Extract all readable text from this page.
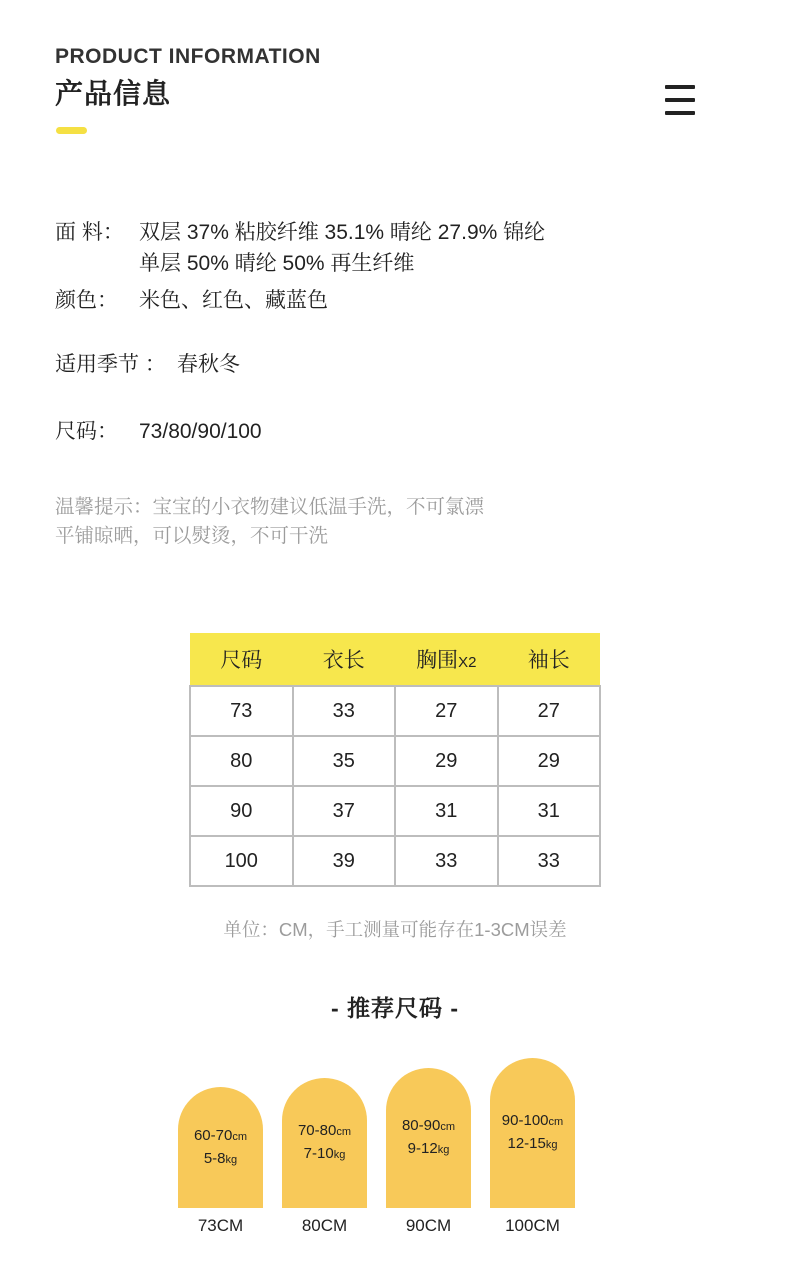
PRODUCT INFORMATION
产品信息
面 料： 双层 37% 粘胶纤维 35.1% 晴纶 27.9% 锦纶
单层 50% 晴纶 50% 再生纤维
颜色： 米色、红色、藏蓝色
适用季节 ： 春秋冬
尺码： 73/80/90/100
温馨提示：宝宝的小衣物建议低温手洗，不可氯漂
平铺晾晒，可以熨烫，不可干洗
尺码	衣长	胸围X2	袖长
73	33	27	27
80	35	29	29
90	37	31	31
100	39	33	33
单位：CM，手工测量可能存在1-3CM误差
- 推荐尺码 -
60-70cm
5-8kg
73CM
70-80cm
7-10kg
80CM
80-90cm
9-12kg
90CM
90-100cm
12-15kg
100CM
